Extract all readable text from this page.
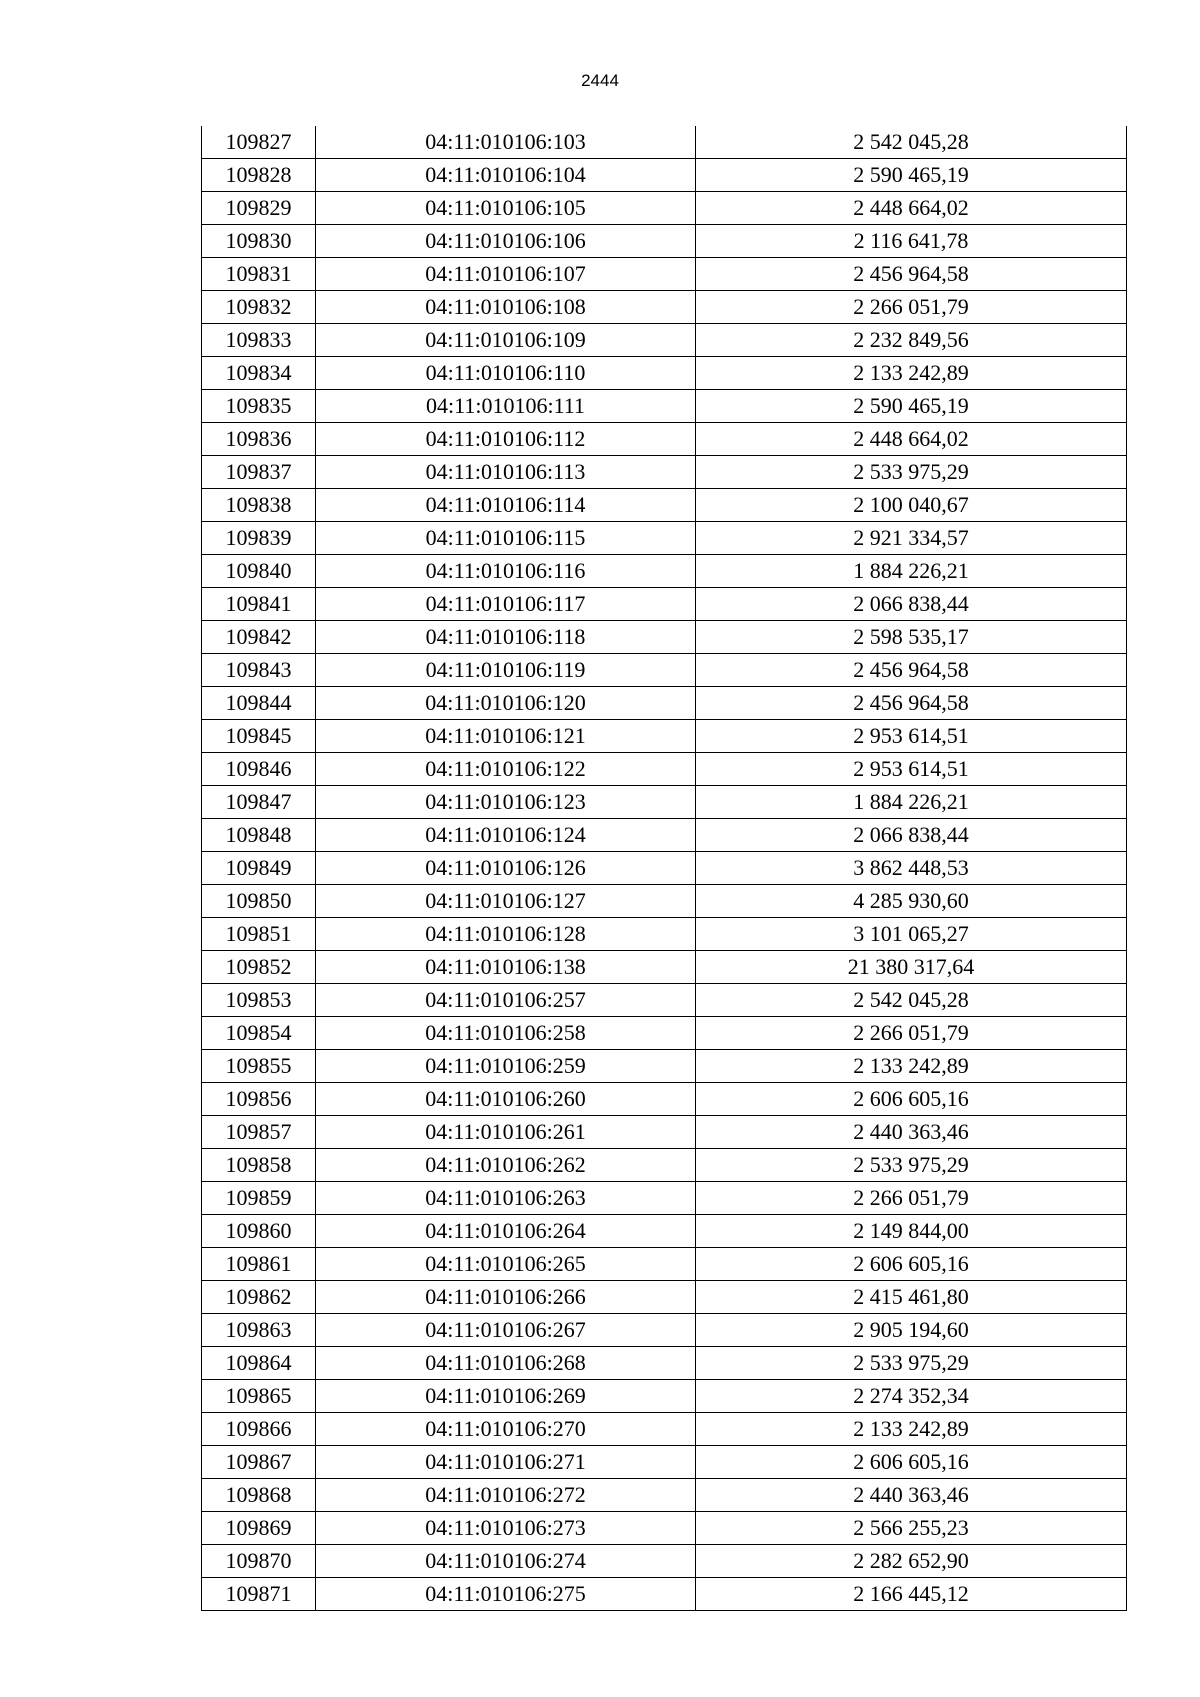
2444
109827	04:11:010106:103	2 542 045,28
109828	04:11:010106:104	2 590 465,19
109829	04:11:010106:105	2 448 664,02
109830	04:11:010106:106	2 116 641,78
109831	04:11:010106:107	2 456 964,58
109832	04:11:010106:108	2 266 051,79
109833	04:11:010106:109	2 232 849,56
109834	04:11:010106:110	2 133 242,89
109835	04:11:010106:111	2 590 465,19
109836	04:11:010106:112	2 448 664,02
109837	04:11:010106:113	2 533 975,29
109838	04:11:010106:114	2 100 040,67
109839	04:11:010106:115	2 921 334,57
109840	04:11:010106:116	1 884 226,21
109841	04:11:010106:117	2 066 838,44
109842	04:11:010106:118	2 598 535,17
109843	04:11:010106:119	2 456 964,58
109844	04:11:010106:120	2 456 964,58
109845	04:11:010106:121	2 953 614,51
109846	04:11:010106:122	2 953 614,51
109847	04:11:010106:123	1 884 226,21
109848	04:11:010106:124	2 066 838,44
109849	04:11:010106:126	3 862 448,53
109850	04:11:010106:127	4 285 930,60
109851	04:11:010106:128	3 101 065,27
109852	04:11:010106:138	21 380 317,64
109853	04:11:010106:257	2 542 045,28
109854	04:11:010106:258	2 266 051,79
109855	04:11:010106:259	2 133 242,89
109856	04:11:010106:260	2 606 605,16
109857	04:11:010106:261	2 440 363,46
109858	04:11:010106:262	2 533 975,29
109859	04:11:010106:263	2 266 051,79
109860	04:11:010106:264	2 149 844,00
109861	04:11:010106:265	2 606 605,16
109862	04:11:010106:266	2 415 461,80
109863	04:11:010106:267	2 905 194,60
109864	04:11:010106:268	2 533 975,29
109865	04:11:010106:269	2 274 352,34
109866	04:11:010106:270	2 133 242,89
109867	04:11:010106:271	2 606 605,16
109868	04:11:010106:272	2 440 363,46
109869	04:11:010106:273	2 566 255,23
109870	04:11:010106:274	2 282 652,90
109871	04:11:010106:275	2 166 445,12
